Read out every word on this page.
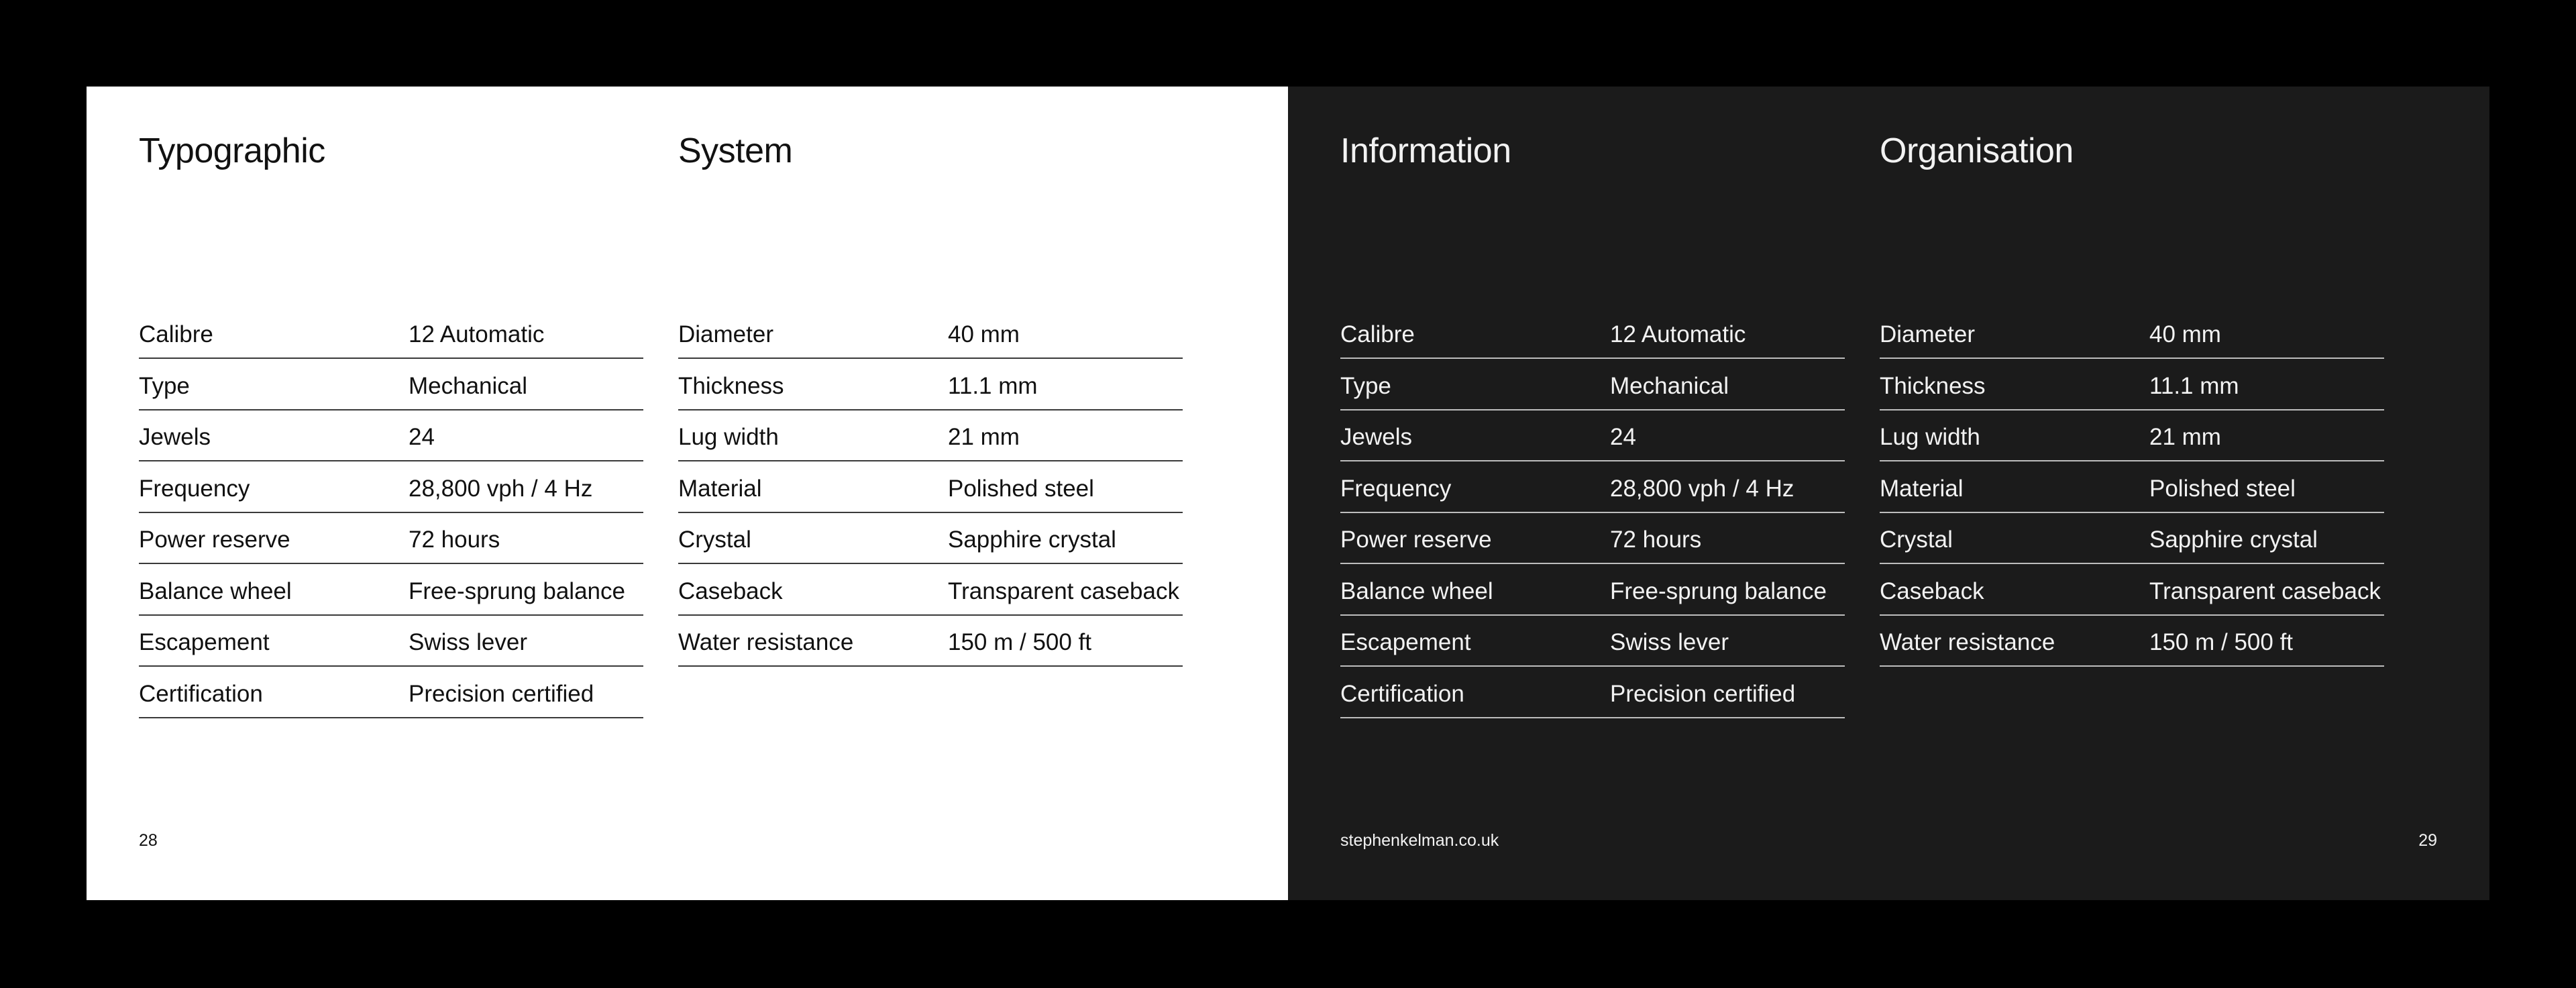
Typographic
Calibre	12 Automatic
Type	Mechanical
Jewels	24
Frequency	28,800 vph / 4 Hz
Power reserve	72 hours
Balance wheel	Free-sprung balance
Escapement	Swiss lever
Certification	Precision certified
System
Diameter	40 mm
Thickness	11.1 mm
Lug width	21 mm
Material	Polished steel
Crystal	Sapphire crystal
Caseback	Transparent caseback
Water resistance	150 m / 500 ft
28
Information
Calibre	12 Automatic
Type	Mechanical
Jewels	24
Frequency	28,800 vph / 4 Hz
Power reserve	72 hours
Balance wheel	Free-sprung balance
Escapement	Swiss lever
Certification	Precision certified
Organisation
Diameter	40 mm
Thickness	11.1 mm
Lug width	21 mm
Material	Polished steel
Crystal	Sapphire crystal
Caseback	Transparent caseback
Water resistance	150 m / 500 ft
stephenkelman.co.uk	29
